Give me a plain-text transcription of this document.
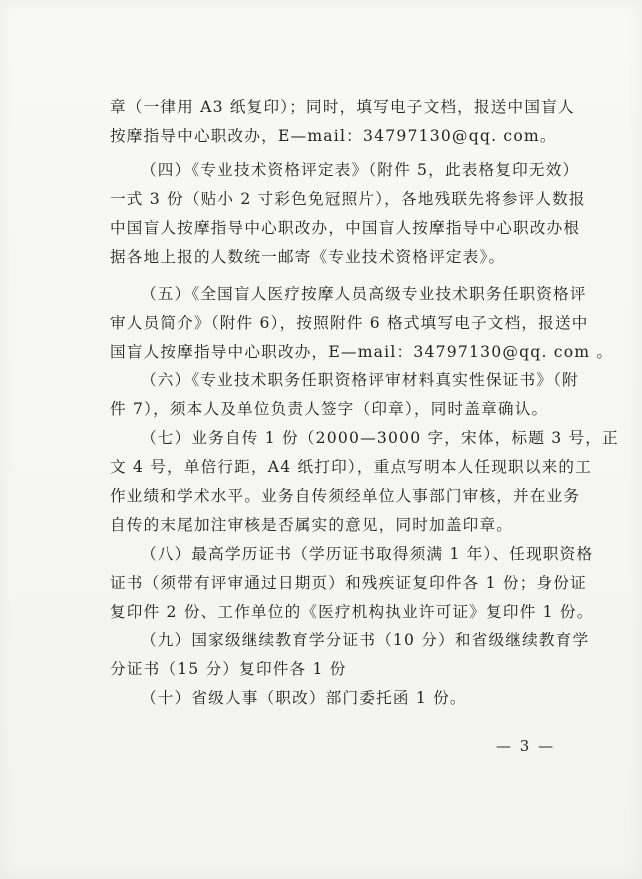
章（一律用 A3 纸复印）；同时，填写电子文档，报送中国盲人
按摩指导中心职改办，E—mail：34797130@qq. com。
（四）《专业技术资格评定表》（附件 5，此表格复印无效）
一式 3 份（贴小 2 寸彩色免冠照片），各地残联先将参评人数报
中国盲人按摩指导中心职改办，中国盲人按摩指导中心职改办根
据各地上报的人数统一邮寄《专业技术资格评定表》。
（五）《全国盲人医疗按摩人员高级专业技术职务任职资格评
审人员简介》（附件 6），按照附件 6 格式填写电子文档，报送中
国盲人按摩指导中心职改办，E—mail：34797130@qq. com 。
（六）《专业技术职务任职资格评审材料真实性保证书》（附
件 7），须本人及单位负责人签字（印章），同时盖章确认。
（七）业务自传 1 份（2000—3000 字，宋体，标题 3 号，正
文 4 号，单倍行距，A4 纸打印），重点写明本人任现职以来的工
作业绩和学术水平。业务自传须经单位人事部门审核，并在业务
自传的末尾加注审核是否属实的意见，同时加盖印章。
（八）最高学历证书（学历证书取得须满 1 年）、任现职资格
证书（须带有评审通过日期页）和残疾证复印件各 1 份；身份证
复印件 2 份、工作单位的《医疗机构执业许可证》复印件 1 份。
（九）国家级继续教育学分证书（10 分）和省级继续教育学
分证书（15 分）复印件各 1 份
（十）省级人事（职改）部门委托函 1 份。
— 3 —
